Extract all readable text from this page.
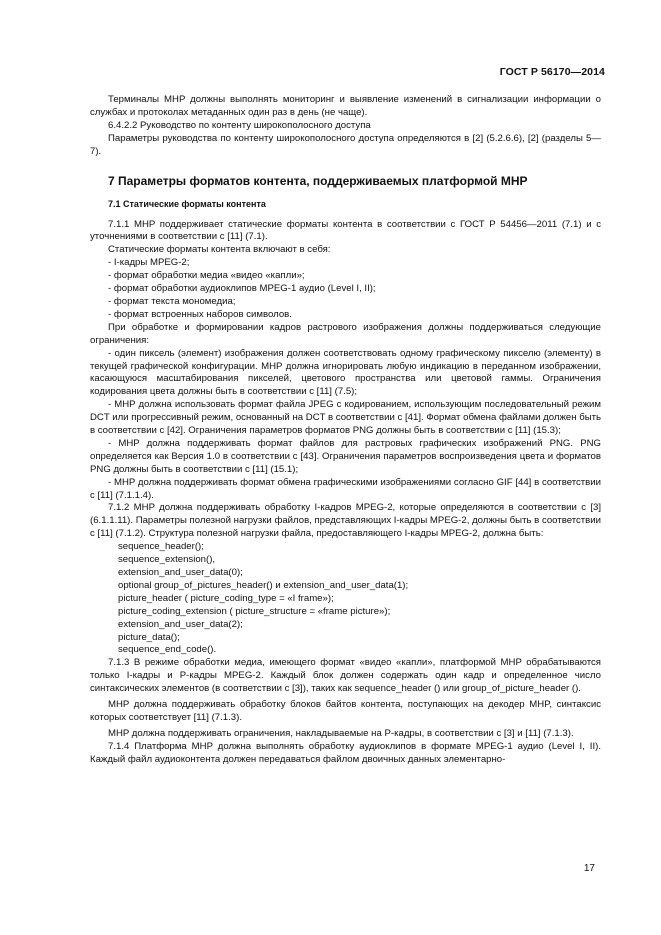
ГОСТ Р 56170—2014

Терминалы MHP должны выполнять мониторинг и выявление изменений в сигнализации информации о службах и протоколах метаданных один раз в день (не чаще).

6.4.2.2 Руководство по контенту широкополосного доступа

Параметры руководства по контенту широкополосного доступа определяются в [2] (5.2.6.6), [2] (разделы 5—7).

7 Параметры форматов контента, поддерживаемых платформой MHP

7.1 Статические форматы контента

7.1.1 MHP поддерживает статические форматы контента в соответствии с ГОСТ Р 54456—2011 (7.1) и с уточнениями в соответствии с [11] (7.1).

Статические форматы контента включают в себя:

- I-кадры MPEG-2;

- формат обработки медиа «видео «капли»;

- формат обработки аудиоклипов MPEG-1 аудио (Level I, II);

- формат текста мономедиа;

- формат встроенных наборов символов.

При обработке и формировании кадров растрового изображения должны поддерживаться следующие ограничения:

- один пиксель (элемент) изображения должен соответствовать одному графическому пикселю (элементу) в текущей графической конфигурации. MHP должна игнорировать любую индикацию в переданном изображении, касающуюся масштабирования пикселей, цветового пространства или цветовой гаммы. Ограничения кодирования цвета должны быть в соответствии с [11] (7.5);

- MHP должна использовать формат файла JPEG с кодированием, использующим последовательный режим DCT или прогрессивный режим, основанный на DCT в соответствии с [41]. Формат обмена файлами должен быть в соответствии с [42]. Ограничения параметров форматов PNG должны быть в соответствии с [11] (15.3);

- MHP должна поддерживать формат файлов для растровых графических изображений PNG. PNG определяется как Версия 1.0 в соответствии с [43]. Ограничения параметров воспроизведения цвета и форматов PNG должны быть в соответствии с [11] (15.1);

- MHP должна поддерживать формат обмена графическими изображениями согласно GIF [44] в соответствии с [11] (7.1.1.4).

7.1.2 MHP должна поддерживать обработку I-кадров MPEG-2, которые определяются в соответствии с [3] (6.1.1.11). Параметры полезной нагрузки файлов, представляющих I-кадры MPEG-2, должны быть в соответствии с [11] (7.1.2). Структура полезной нагрузки файла, предоставляющего I-кадры MPEG-2, должна быть:

sequence_header();

sequence_extension(),

extension_and_user_data(0);

optional group_of_pictures_header() и extension_and_user_data(1);

picture_header ( picture_coding_type = «I frame»);

picture_coding_extension ( picture_structure = «frame picture»);

extension_and_user_data(2);

picture_data();

sequence_end_code().

7.1.3 В режиме обработки медиа, имеющего формат «видео «капли», платформой MHP обрабатываются только I-кадры и P-кадры MPEG-2. Каждый блок должен содержать один кадр и определенное число синтаксических элементов (в соответствии с [3]), таких как sequence_header () или group_of_picture_header ().

MHP должна поддерживать обработку блоков байтов контента, поступающих на декодер MHP, синтаксис которых соответствует [11] (7.1.3).

MHP должна поддерживать ограничения, накладываемые на P-кадры, в соответствии с [3] и [11] (7.1.3).

7.1.4 Платформа MHP должна выполнять обработку аудиоклипов в формате MPEG-1 аудио (Level I, II). Каждый файл аудиоконтента должен передаваться файлом двоичных данных элементарно-

17
